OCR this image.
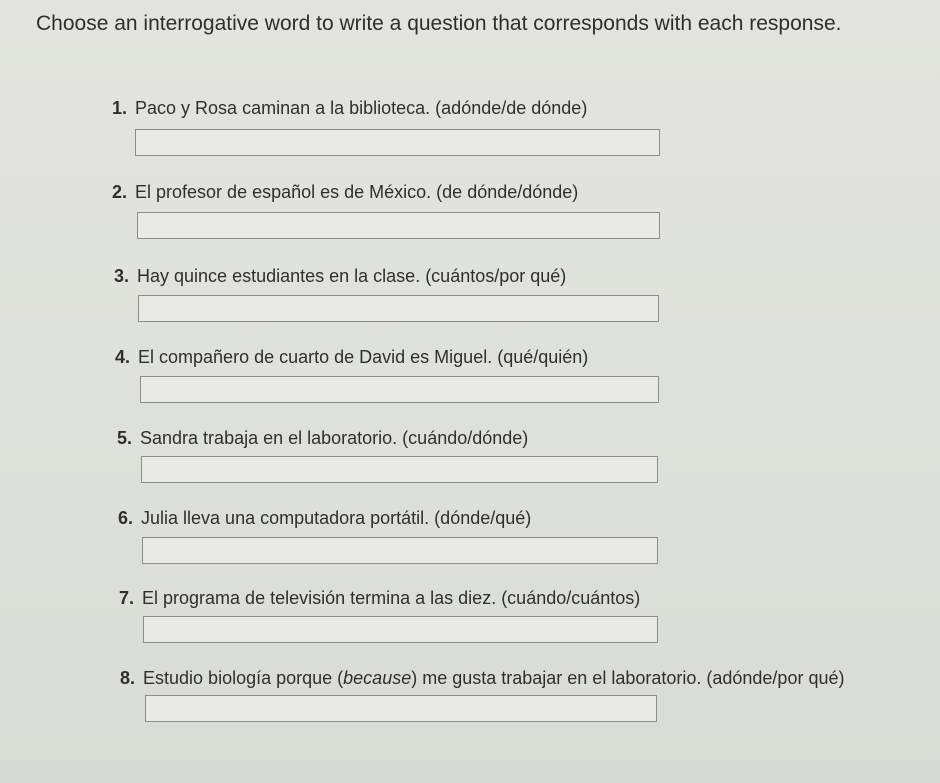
Choose an interrogative word to write a question that corresponds with each response.
1. Paco y Rosa caminan a la biblioteca. (adónde/de dónde)
2. El profesor de español es de México. (de dónde/dónde)
3. Hay quince estudiantes en la clase. (cuántos/por qué)
4. El compañero de cuarto de David es Miguel. (qué/quién)
5. Sandra trabaja en el laboratorio. (cuándo/dónde)
6. Julia lleva una computadora portátil. (dónde/qué)
7. El programa de televisión termina a las diez. (cuándo/cuántos)
8. Estudio biología porque (because) me gusta trabajar en el laboratorio. (adónde/por qué)
